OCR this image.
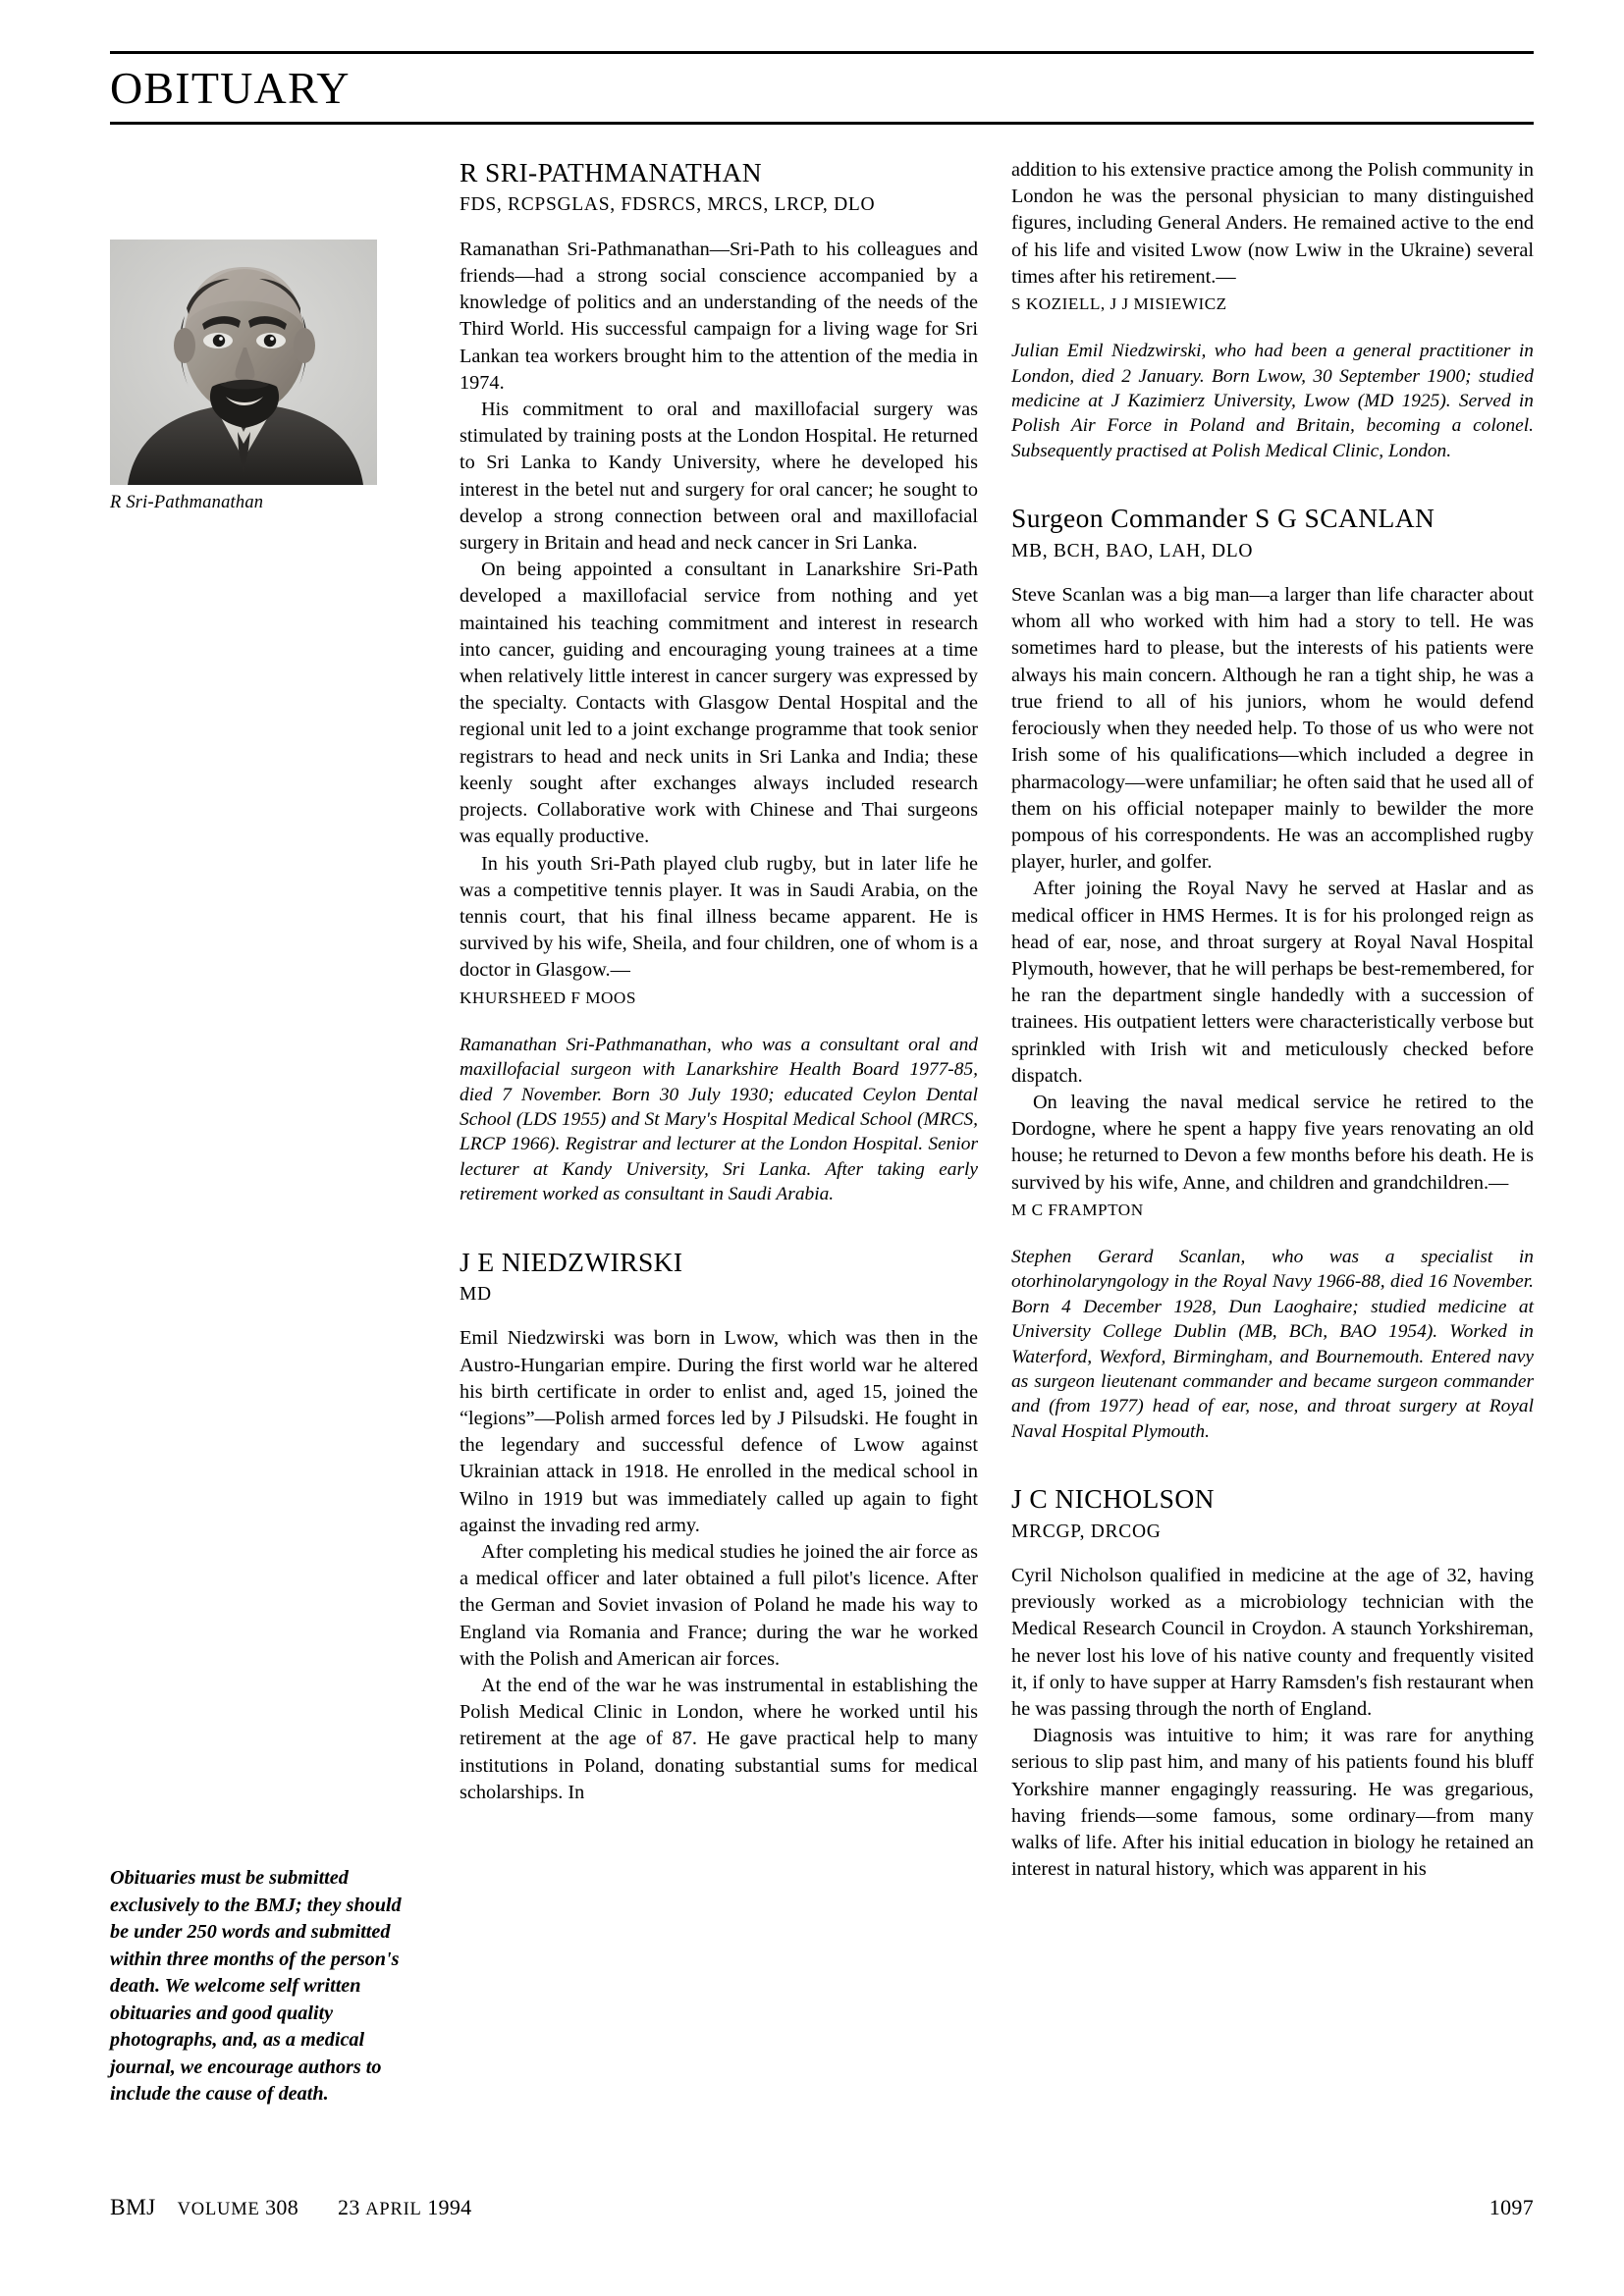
OBITUARY
R Sri-Pathmanathan
Obituaries must be submitted exclusively to the BMJ; they should be under 250 words and submitted within three months of the person's death. We welcome self written obituaries and good quality photographs, and, as a medical journal, we encourage authors to include the cause of death.
R SRI-PATHMANATHAN
FDS, RCPSGLAS, FDSRCS, MRCS, LRCP, DLO

Ramanathan Sri-Pathmanathan—Sri-Path to his colleagues and friends—had a strong social conscience accompanied by a knowledge of politics and an understanding of the needs of the Third World. His successful campaign for a living wage for Sri Lankan tea workers brought him to the attention of the media in 1974.

His commitment to oral and maxillofacial surgery was stimulated by training posts at the London Hospital. He returned to Sri Lanka to Kandy University, where he developed his interest in the betel nut and surgery for oral cancer; he sought to develop a strong connection between oral and maxillofacial surgery in Britain and head and neck cancer in Sri Lanka.

On being appointed a consultant in Lanarkshire Sri-Path developed a maxillofacial service from nothing and yet maintained his teaching commitment and interest in research into cancer, guiding and encouraging young trainees at a time when relatively little interest in cancer surgery was expressed by the specialty. Contacts with Glasgow Dental Hospital and the regional unit led to a joint exchange programme that took senior registrars to head and neck units in Sri Lanka and India; these keenly sought after exchanges always included research projects. Collaborative work with Chinese and Thai surgeons was equally productive.

In his youth Sri-Path played club rugby, but in later life he was a competitive tennis player. It was in Saudi Arabia, on the tennis court, that his final illness became apparent. He is survived by his wife, Sheila, and four children, one of whom is a doctor in Glasgow.—

KHURSHEED F MOOS

Ramanathan Sri-Pathmanathan, who was a consultant oral and maxillofacial surgeon with Lanarkshire Health Board 1977-85, died 7 November. Born 30 July 1930; educated Ceylon Dental School (LDS 1955) and St Mary's Hospital Medical School (MRCS, LRCP 1966). Registrar and lecturer at the London Hospital. Senior lecturer at Kandy University, Sri Lanka. After taking early retirement worked as consultant in Saudi Arabia.

J E NIEDZWIRSKI
MD

Emil Niedzwirski was born in Lwow, which was then in the Austro-Hungarian empire. During the first world war he altered his birth certificate in order to enlist and, aged 15, joined the “legions”—Polish armed forces led by J Pilsudski. He fought in the legendary and successful defence of Lwow against Ukrainian attack in 1918. He enrolled in the medical school in Wilno in 1919 but was immediately called up again to fight against the invading red army.

After completing his medical studies he joined the air force as a medical officer and later obtained a full pilot's licence. After the German and Soviet invasion of Poland he made his way to England via Romania and France; during the war he worked with the Polish and American air forces.

At the end of the war he was instrumental in establishing the Polish Medical Clinic in London, where he worked until his retirement at the age of 87. He gave practical help to many institutions in Poland, donating substantial sums for medical scholarships. In

addition to his extensive practice among the Polish community in London he was the personal physician to many distinguished figures, including General Anders. He remained active to the end of his life and visited Lwow (now Lwiw in the Ukraine) several times after his retirement.—

S KOZIELL, J J MISIEWICZ

Julian Emil Niedzwirski, who had been a general practitioner in London, died 2 January. Born Lwow, 30 September 1900; studied medicine at J Kazimierz University, Lwow (MD 1925). Served in Polish Air Force in Poland and Britain, becoming a colonel. Subsequently practised at Polish Medical Clinic, London.

Surgeon Commander S G SCANLAN
MB, BCH, BAO, LAH, DLO

Steve Scanlan was a big man—a larger than life character about whom all who worked with him had a story to tell. He was sometimes hard to please, but the interests of his patients were always his main concern. Although he ran a tight ship, he was a true friend to all of his juniors, whom he would defend ferociously when they needed help. To those of us who were not Irish some of his qualifications—which included a degree in pharmacology—were unfamiliar; he often said that he used all of them on his official notepaper mainly to bewilder the more pompous of his correspondents. He was an accomplished rugby player, hurler, and golfer.

After joining the Royal Navy he served at Haslar and as medical officer in HMS Hermes. It is for his prolonged reign as head of ear, nose, and throat surgery at Royal Naval Hospital Plymouth, however, that he will perhaps be best-remembered, for he ran the department single handedly with a succession of trainees. His outpatient letters were characteristically verbose but sprinkled with Irish wit and meticulously checked before dispatch.

On leaving the naval medical service he retired to the Dordogne, where he spent a happy five years renovating an old house; he returned to Devon a few months before his death. He is survived by his wife, Anne, and children and grandchildren.—

M C FRAMPTON

Stephen Gerard Scanlan, who was a specialist in otorhinolaryngology in the Royal Navy 1966-88, died 16 November. Born 4 December 1928, Dun Laoghaire; studied medicine at University College Dublin (MB, BCh, BAO 1954). Worked in Waterford, Wexford, Birmingham, and Bournemouth. Entered navy as surgeon lieutenant commander and became surgeon commander and (from 1977) head of ear, nose, and throat surgery at Royal Naval Hospital Plymouth.

J C NICHOLSON
MRCGP, DRCOG

Cyril Nicholson qualified in medicine at the age of 32, having previously worked as a microbiology technician with the Medical Research Council in Croydon. A staunch Yorkshireman, he never lost his love of his native county and frequently visited it, if only to have supper at Harry Ramsden's fish restaurant when he was passing through the north of England.

Diagnosis was intuitive to him; it was rare for anything serious to slip past him, and many of his patients found his bluff Yorkshire manner engagingly reassuring. He was gregarious, having friends—some famous, some ordinary—from many walks of life. After his initial education in biology he retained an interest in natural history, which was apparent in his

BMJ VOLUME 308 23 APRIL 1994	1097
